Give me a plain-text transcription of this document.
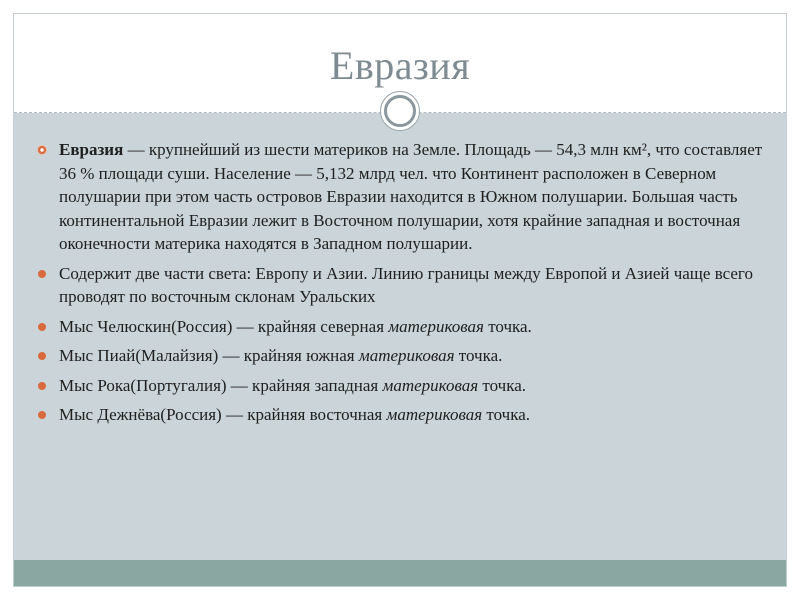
Евразия
Евразия — крупнейший из шести материков на Земле. Площадь — 54,3 млн км², что составляет 36 % площади суши. Население — 5,132 млрд чел. что Континент расположен в Северном полушарии при этом часть островов Евразии находится в Южном полушарии. Большая часть континентальной Евразии лежит в Восточном полушарии, хотя крайние западная и восточная оконечности материка находятся в Западном полушарии.
Содержит две части света: Европу и Азии. Линию границы между Европой и Азией чаще всего проводят по восточным склонам Уральских
Мыс Челюскин(Россия) — крайняя северная материковая точка.
Мыс Пиай(Малайзия) — крайняя южная материковая точка.
Мыс Рока(Португалия) — крайняя западная материковая точка.
Мыс Дежнёва(Россия) — крайняя восточная материковая точка.
